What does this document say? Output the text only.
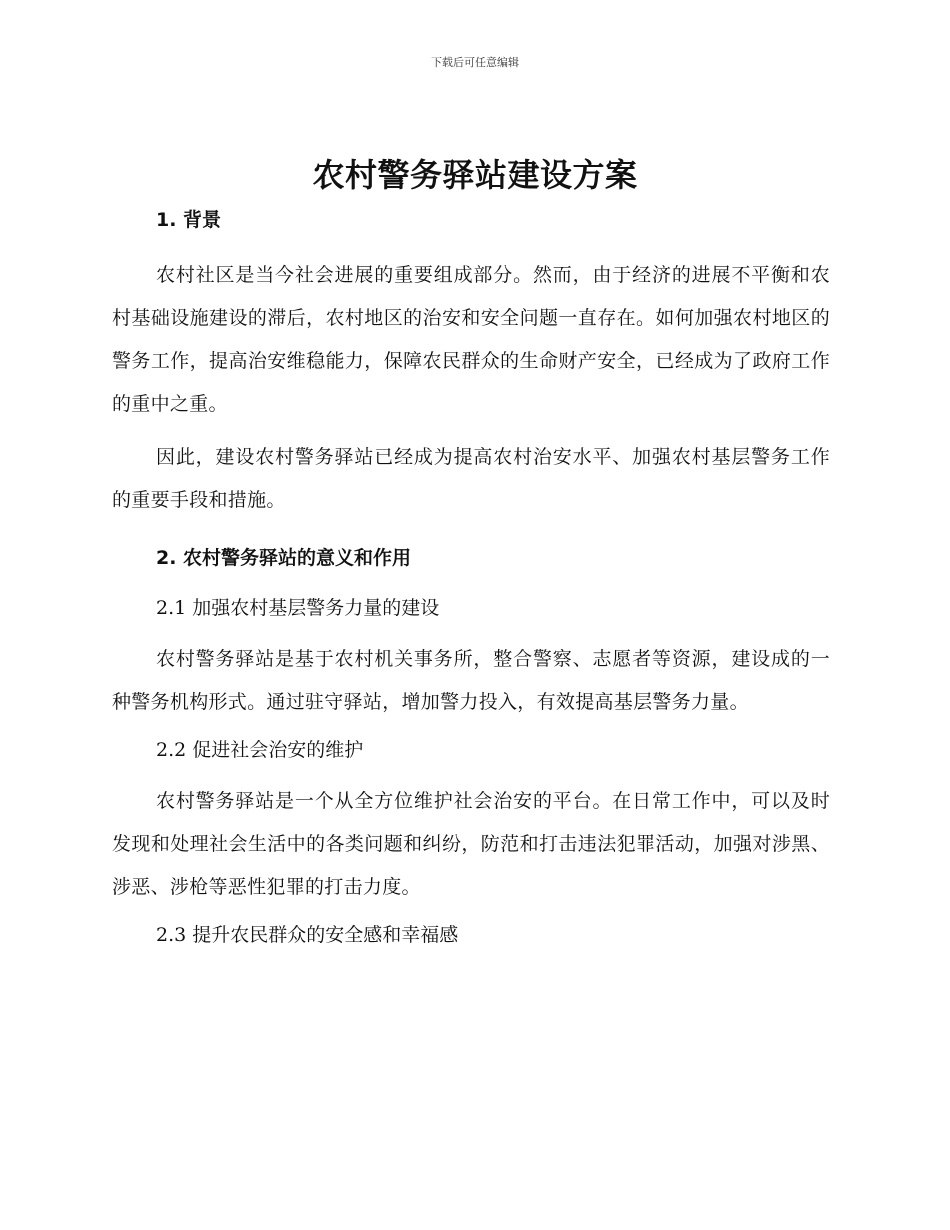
下载后可任意编辑
农村警务驿站建设方案
1. 背景

农村社区是当今社会进展的重要组成部分。然而，由于经济的进展不平衡和农村基础设施建设的滞后，农村地区的治安和安全问题一直存在。如何加强农村地区的警务工作，提高治安维稳能力，保障农民群众的生命财产安全，已经成为了政府工作的重中之重。

因此，建设农村警务驿站已经成为提高农村治安水平、加强农村基层警务工作的重要手段和措施。

2. 农村警务驿站的意义和作用
2.1 加强农村基层警务力量的建设

农村警务驿站是基于农村机关事务所，整合警察、志愿者等资源，建设成的一种警务机构形式。通过驻守驿站，增加警力投入，有效提高基层警务力量。

2.2 促进社会治安的维护

农村警务驿站是一个从全方位维护社会治安的平台。在日常工作中，可以及时发现和处理社会生活中的各类问题和纠纷，防范和打击违法犯罪活动，加强对涉黑、涉恶、涉枪等恶性犯罪的打击力度。

2.3 提升农民群众的安全感和幸福感
